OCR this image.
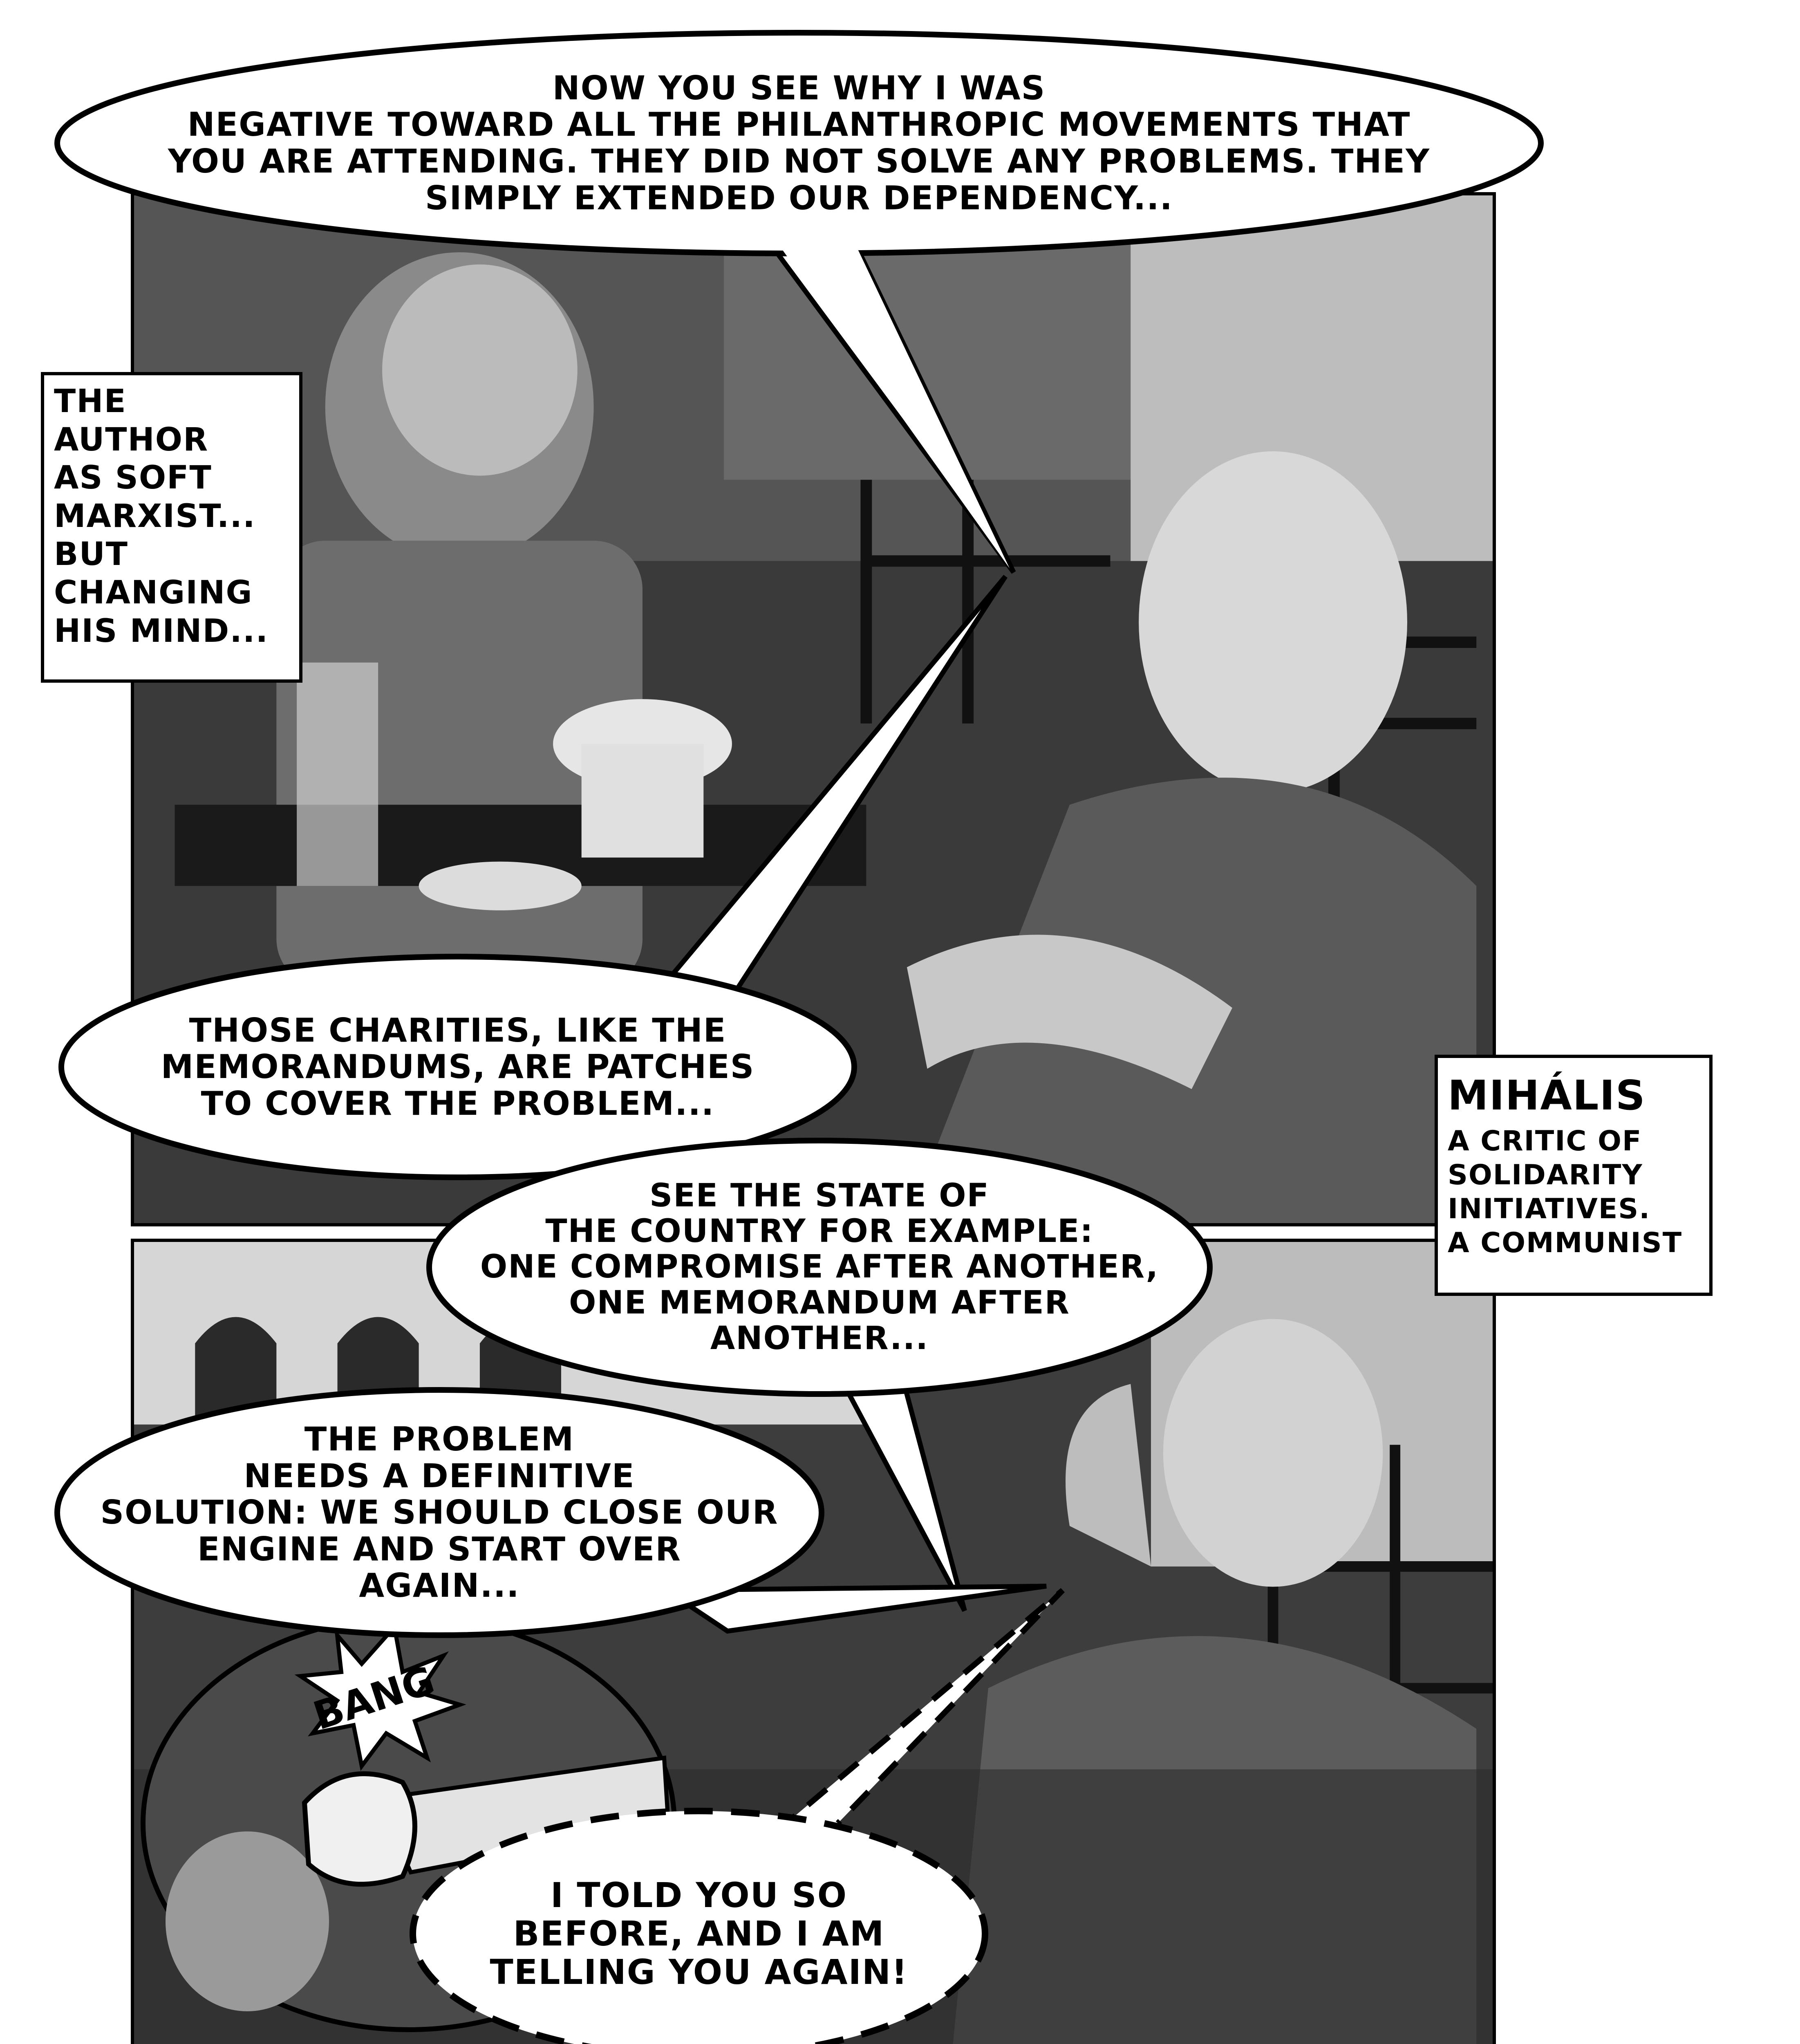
BANG
NOW YOU SEE WHY I WAS
NEGATIVE TOWARD ALL THE PHILANTHROPIC MOVEMENTS THAT
YOU ARE ATTENDING. THEY DID NOT SOLVE ANY PROBLEMS. THEY
SIMPLY EXTENDED OUR DEPENDENCY...
THOSE CHARITIES, LIKE THE
MEMORANDUMS, ARE PATCHES
TO COVER THE PROBLEM...	MIHÁLIS

A CRITIC OF
SOLIDARITY
INITIATIVES.
A COMMUNIST

THE AUTHOR
AS SOFT
MARXIST...
BUT
CHANGING
HIS MIND...
SEE THE STATE OF
THE COUNTRY FOR EXAMPLE:
ONE COMPROMISE AFTER ANOTHER,
ONE MEMORANDUM AFTER
ANOTHER...
THE PROBLEM
NEEDS A DEFINITIVE
SOLUTION: WE SHOULD CLOSE OUR
ENGINE AND START OVER
AGAIN...
I TOLD YOU SO
BEFORE, AND I AM
TELLING YOU AGAIN!
